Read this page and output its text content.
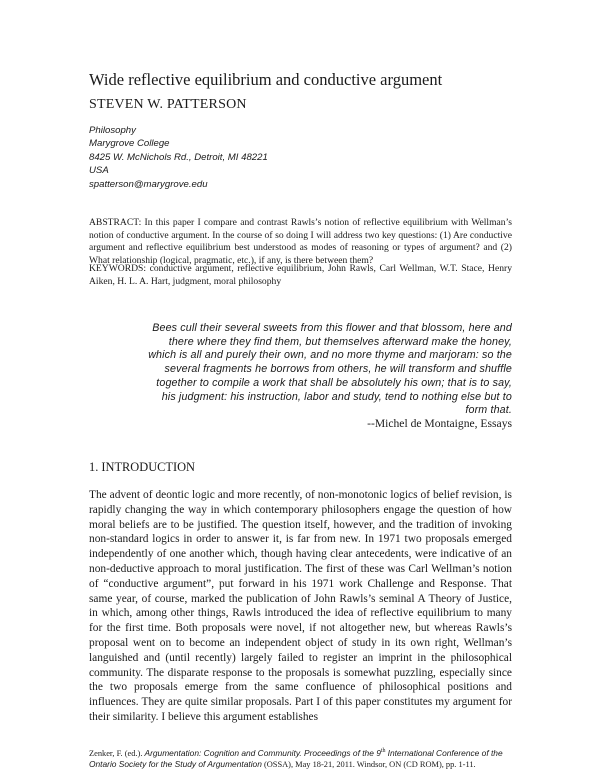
Wide reflective equilibrium and conductive argument
STEVEN W. PATTERSON
Philosophy
Marygrove College
8425 W. McNichols Rd., Detroit, MI 48221
USA
spatterson@marygrove.edu
ABSTRACT: In this paper I compare and contrast Rawls’s notion of reflective equilibrium with Wellman’s notion of conductive argument. In the course of so doing I will address two key questions: (1) Are conductive argument and reflective equilibrium best understood as modes of reasoning or types of argument? and (2) What relationship (logical, pragmatic, etc.), if any, is there between them?
KEYWORDS: conductive argument, reflective equilibrium, John Rawls, Carl Wellman, W.T. Stace, Henry Aiken, H. L. A. Hart, judgment, moral philosophy
Bees cull their several sweets from this flower and that blossom, here and there where they find them, but themselves afterward make the honey, which is all and purely their own, and no more thyme and marjoram: so the several fragments he borrows from others, he will transform and shuffle together to compile a work that shall be absolutely his own; that is to say, his judgment: his instruction, labor and study, tend to nothing else but to form that.
--Michel de Montaigne, Essays
1. INTRODUCTION
The advent of deontic logic and more recently, of non-monotonic logics of belief revision, is rapidly changing the way in which contemporary philosophers engage the question of how moral beliefs are to be justified. The question itself, however, and the tradition of invoking non-standard logics in order to answer it, is far from new. In 1971 two proposals emerged independently of one another which, though having clear antecedents, were indicative of an non-deductive approach to moral justification. The first of these was Carl Wellman’s notion of “conductive argument”, put forward in his 1971 work Challenge and Response. That same year, of course, marked the publication of John Rawls’s seminal A Theory of Justice, in which, among other things, Rawls introduced the idea of reflective equilibrium to many for the first time. Both proposals were novel, if not altogether new, but whereas Rawls’s proposal went on to become an independent object of study in its own right, Wellman’s languished and (until recently) largely failed to register an imprint in the philosophical community. The disparate response to the proposals is somewhat puzzling, especially since the two proposals emerge from the same confluence of philosophical positions and influences. They are quite similar proposals. Part I of this paper constitutes my argument for their similarity. I believe this argument establishes
Zenker, F. (ed.). Argumentation: Cognition and Community. Proceedings of the 9th International Conference of the
Ontario Society for the Study of Argumentation (OSSA), May 18-21, 2011. Windsor, ON (CD ROM), pp. 1-11.
